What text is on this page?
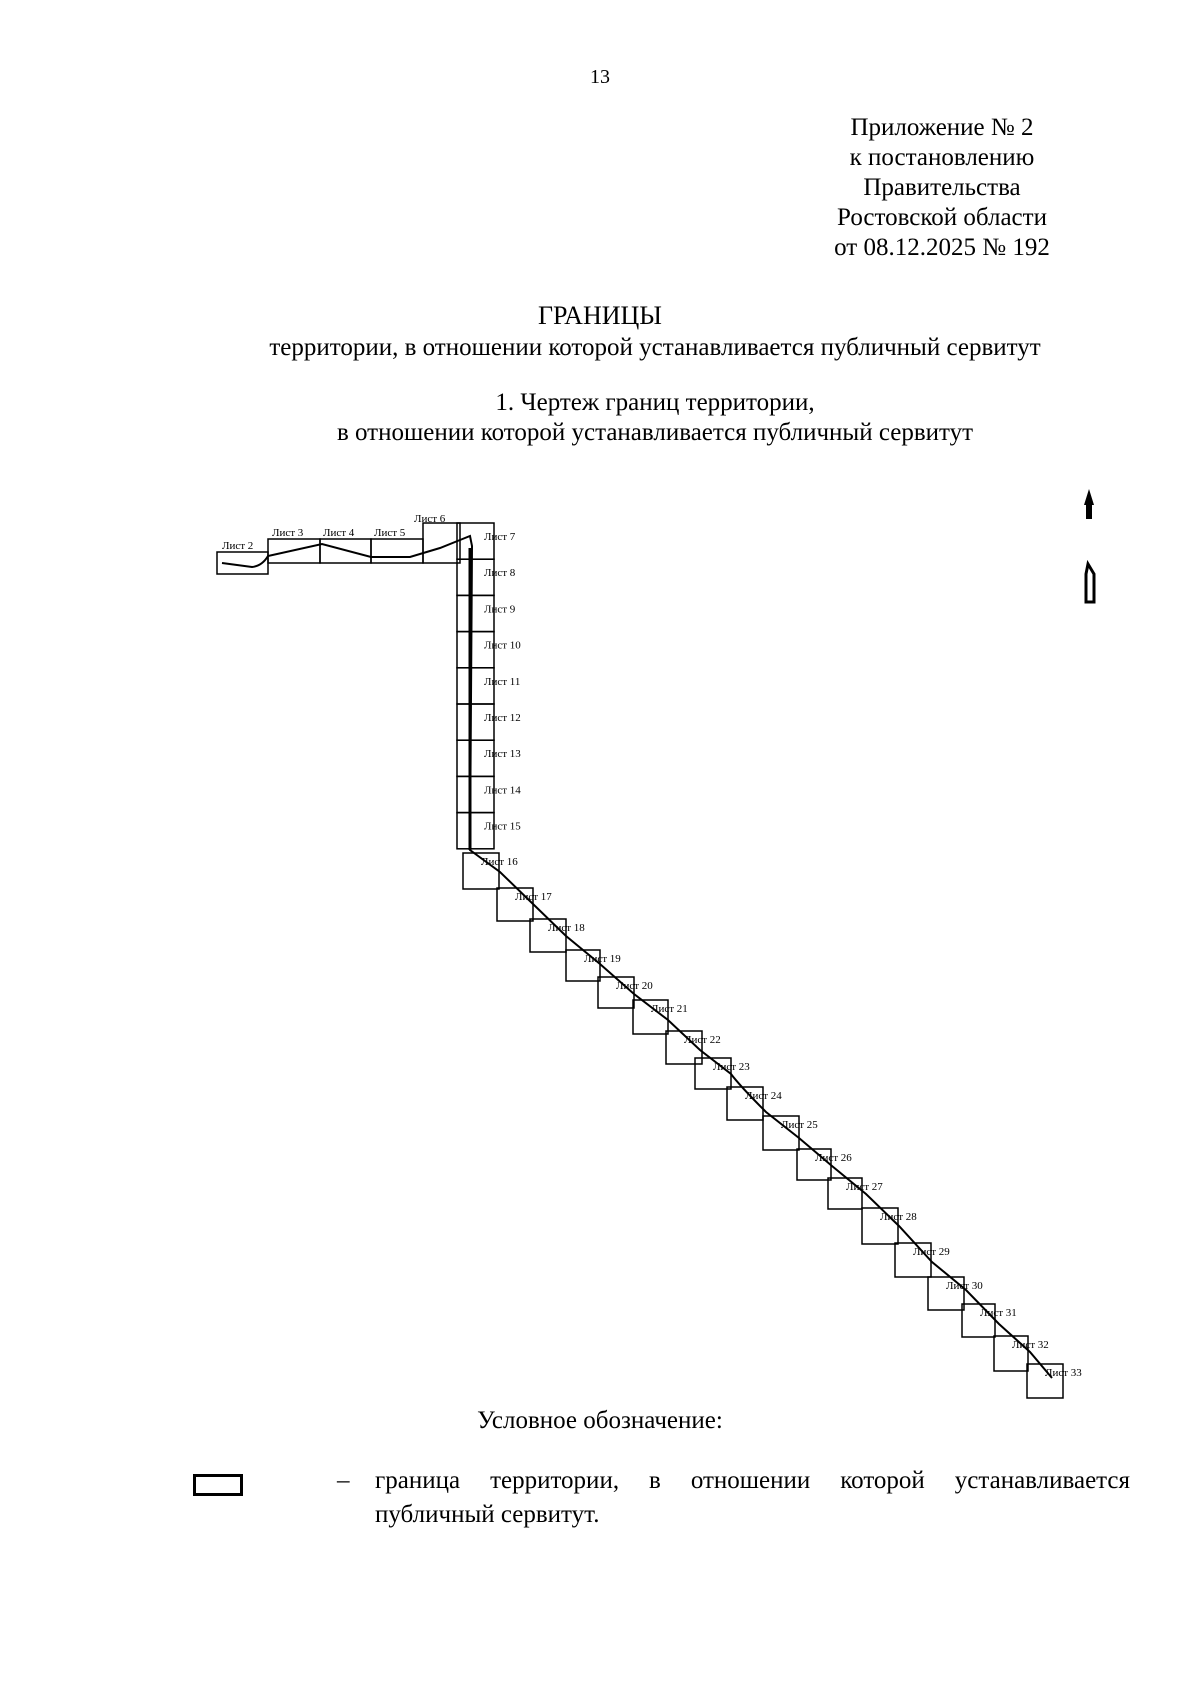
13
Приложение № 2
к постановлению
Правительства
Ростовской области
от 08.12.2025 № 192
ГРАНИЦЫ
территории, в отношении которой устанавливается публичный сервитут
1. Чертеж границ территории,
в отношении которой устанавливается публичный сервитут
Лист 2
Лист 3 Лист 4 Лист 5
Лист 6
Лист 7
Лист 8
Лист 9
Лист 10
Лист 11
Лист 12
Лист 13
Лист 14
Лист 15
Лист 16
Лист 17
Лист 18
Лист 19
Лист 20
Лист 21
Лист 22
Лист 23
Лист 24
Лист 25
Лист 26
Лист 27
Лист 28
Лист 29
Лист 30
Лист 31
Лист 32
Лист 33
Условное обозначение:
– граница территории, в отношении которой устанавливается
публичный сервитут.
